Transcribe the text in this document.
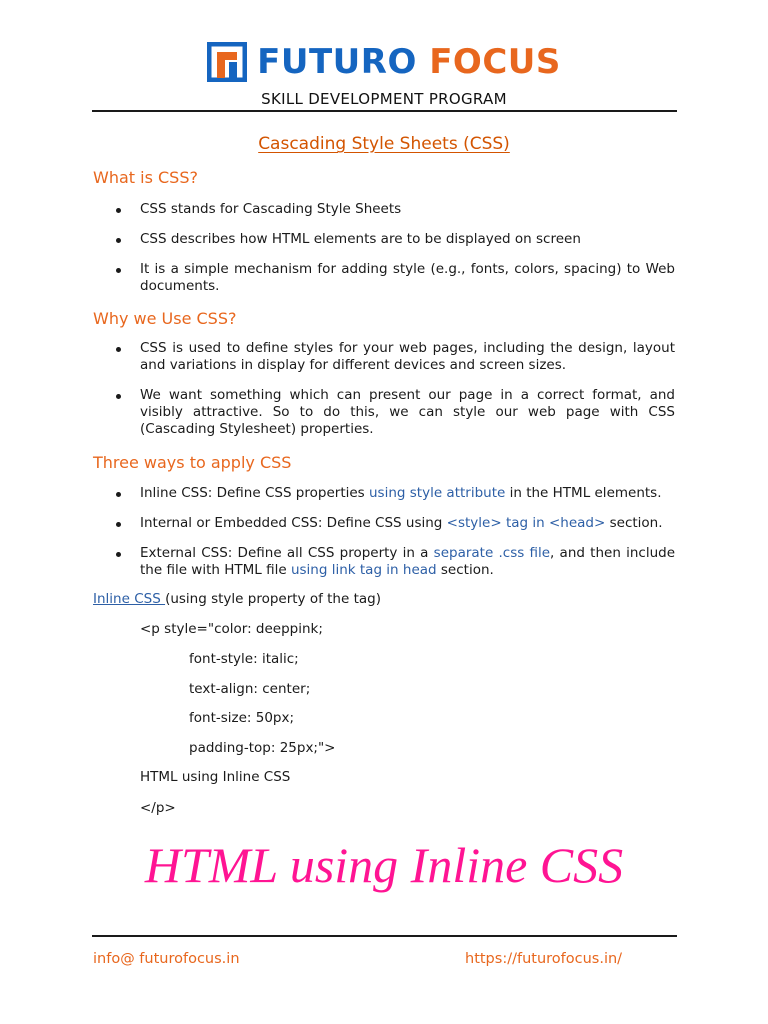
FUTURO FOCUS
SKILL DEVELOPMENT PROGRAM
Cascading Style Sheets (CSS)
What is CSS?
CSS stands for Cascading Style Sheets
CSS describes how HTML elements are to be displayed on screen
It is a simple mechanism for adding style (e.g., fonts, colors, spacing) to Web documents.
Why we Use CSS?
CSS is used to define styles for your web pages, including the design, layout and variations in display for different devices and screen sizes.
We want something which can present our page in a correct format, and visibly attractive. So to do this, we can style our web page with CSS (Cascading Stylesheet) properties.
Three ways to apply CSS
Inline CSS: Define CSS properties using style attribute in the HTML elements.
Internal or Embedded CSS: Define CSS using <style> tag in <head> section.
External CSS: Define all CSS property in a separate .css file, and then include the file with HTML file using link tag in head section.
Inline CSS (using style property of the tag)
<p style="color: deeppink;
font-style: italic;
text-align: center;
font-size: 50px;
padding-top: 25px;">
HTML using Inline CSS
</p>
HTML using Inline CSS
info@ futurofocus.in	https://futurofocus.in/
